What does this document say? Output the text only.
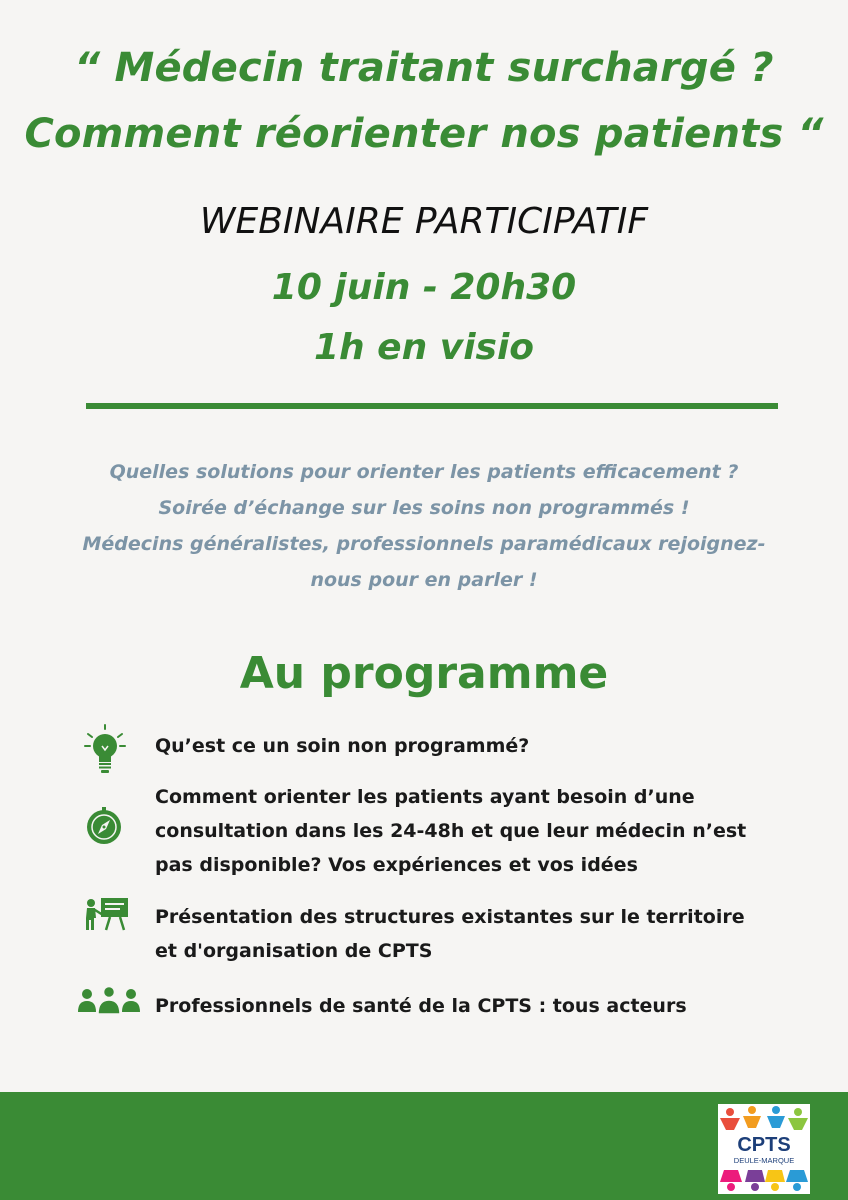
“ Médecin traitant surchargé ?
Comment réorienter nos patients “
WEBINAIRE PARTICIPATIF
10 juin - 20h30
1h en visio
Quelles solutions pour orienter les patients efficacement ?
Soirée d’échange sur les soins non programmés !
Médecins généralistes, professionnels paramédicaux rejoignez-
nous pour en parler !
Au programme
Qu’est ce un soin non programmé?
Comment orienter les patients ayant besoin d’une
consultation dans les 24-48h et que leur médecin n’est
pas disponible? Vos expériences et vos idées
Présentation des structures existantes sur le territoire
et d'organisation de CPTS
Professionnels de santé de la CPTS : tous acteurs
CPTS
DEULE-MARQUE
